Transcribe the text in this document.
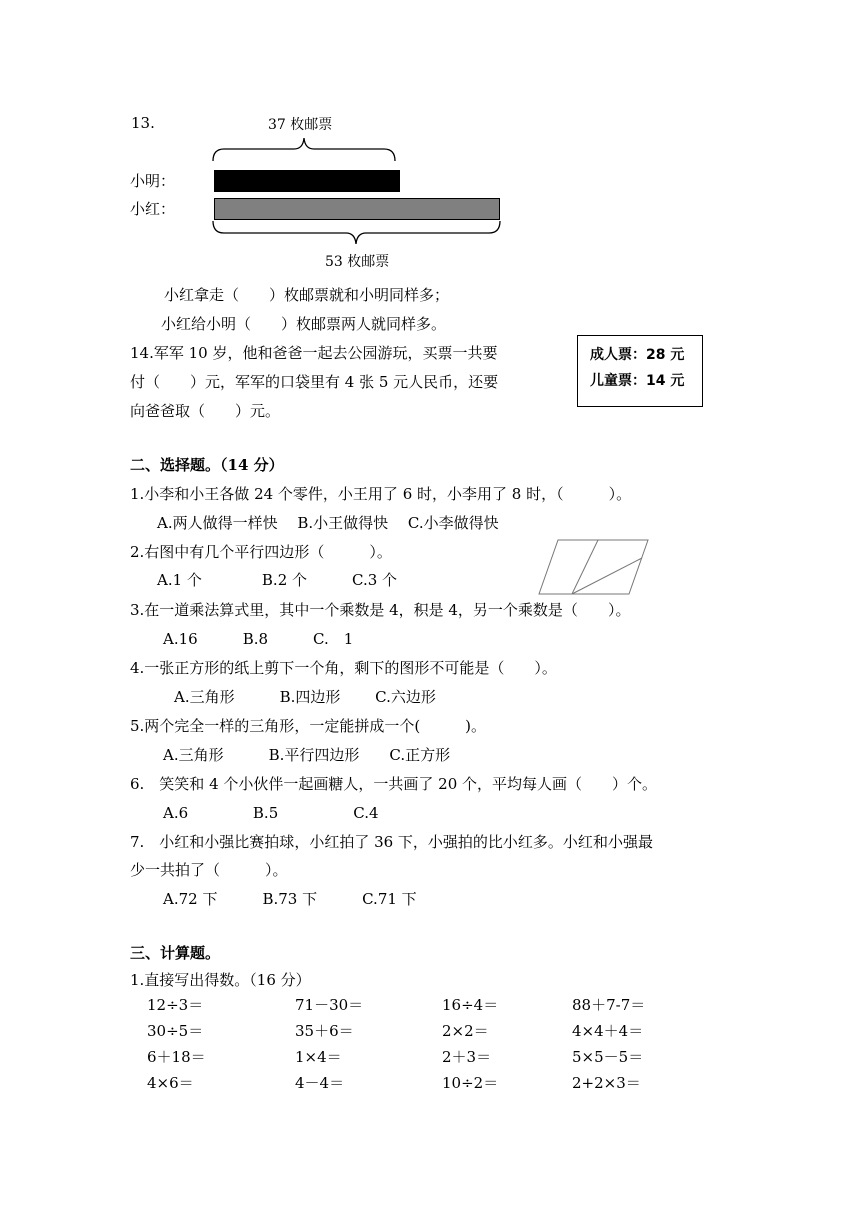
13.	37 枚邮票
小明：
小红：
53 枚邮票
小红拿走（　　）枚邮票就和小明同样多；
小红给小明（　　）枚邮票两人就同样多。
14.军军 10 岁，他和爸爸一起去公园游玩，买票一共要
付（　　）元，军军的口袋里有 4 张 5 元人民币，还要
向爸爸取（　　）元。
成人票：28 元
儿童票：14 元
二、选择题。（14 分）
1.小李和小王各做 24 个零件，小王用了 6 时，小李用了 8 时，（　　　）。
A.两人做得一样快　 B.小王做得快　 C.小李做得快
2.右图中有几个平行四边形（　　　）。
A.1 个　　　　B.2 个　　　C.3 个
3.在一道乘法算式里，其中一个乘数是 4，积是 4，另一个乘数是（　　）。
A.16　　　B.8　　　C.　1
4.一张正方形的纸上剪下一个角，剩下的图形不可能是（　　）。
A.三角形　　　B.四边形　　 C.六边形
5.两个完全一样的三角形，一定能拼成一个(　　　)。
A.三角形　　　B.平行四边形　　C.正方形
6.　笑笑和 4 个小伙伴一起画糖人，一共画了 20 个，平均每人画（　　）个。
A.6　　　　 B.5　　　　　C.4
7.　小红和小强比赛拍球，小红拍了 36 下，小强拍的比小红多。小红和小强最
少一共拍了（　　　）。
A.72 下　　　B.73 下　　　C.71 下
三、计算题。
1.直接写出得数。（16 分）
12÷3＝	71－30＝	16÷4＝	88＋7-7＝
30÷5＝	35＋6＝	2×2＝	4×4＋4＝
6＋18＝	1×4＝	2＋3＝	5×5－5＝
4×6＝	4－4＝	10÷2＝	2+2×3＝
